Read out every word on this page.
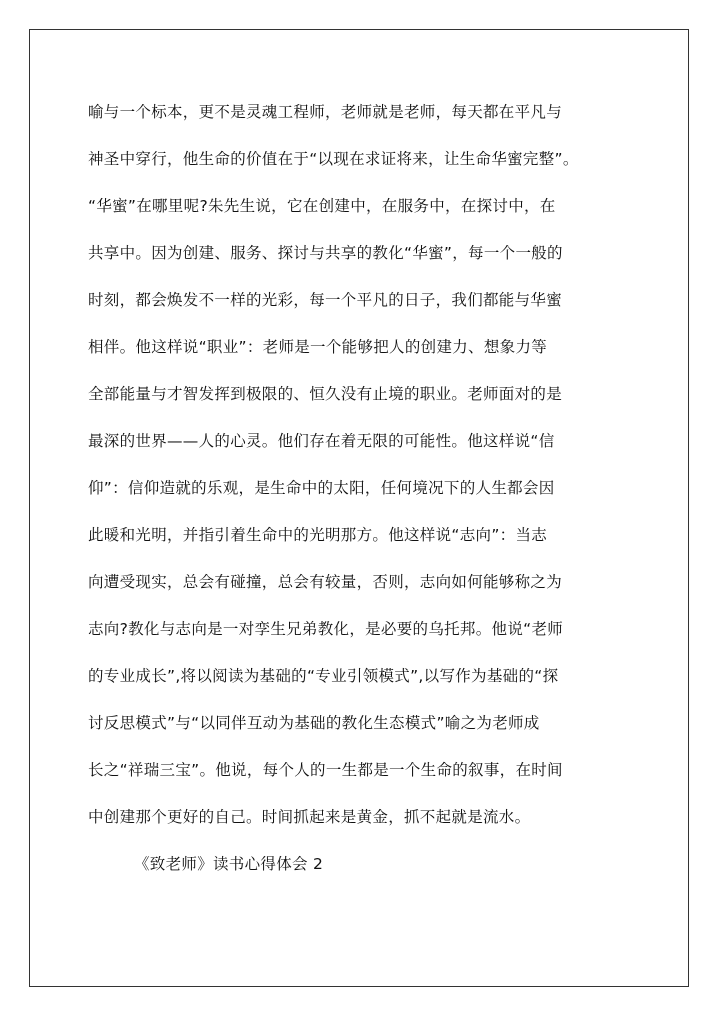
喻与一个标本，更不是灵魂工程师，老师就是老师，每天都在平凡与
神圣中穿行，他生命的价值在于“以现在求证将来，让生命华蜜完整”。
“华蜜”在哪里呢?朱先生说，它在创建中，在服务中，在探讨中，在
共享中。因为创建、服务、探讨与共享的教化“华蜜”，每一个一般的
时刻，都会焕发不一样的光彩，每一个平凡的日子，我们都能与华蜜
相伴。他这样说“职业”：老师是一个能够把人的创建力、想象力等
全部能量与才智发挥到极限的、恒久没有止境的职业。老师面对的是
最深的世界——人的心灵。他们存在着无限的可能性。他这样说“信
仰”：信仰造就的乐观，是生命中的太阳，任何境况下的人生都会因
此暖和光明，并指引着生命中的光明那方。他这样说“志向”：当志
向遭受现实，总会有碰撞，总会有较量，否则，志向如何能够称之为
志向?教化与志向是一对孪生兄弟教化，是必要的乌托邦。他说“老师
的专业成长”,将以阅读为基础的“专业引领模式”,以写作为基础的“探
讨反思模式”与“以同伴互动为基础的教化生态模式”喻之为老师成
长之“祥瑞三宝”。他说，每个人的一生都是一个生命的叙事，在时间
中创建那个更好的自己。时间抓起来是黄金，抓不起就是流水。
《致老师》读书心得体会 2
